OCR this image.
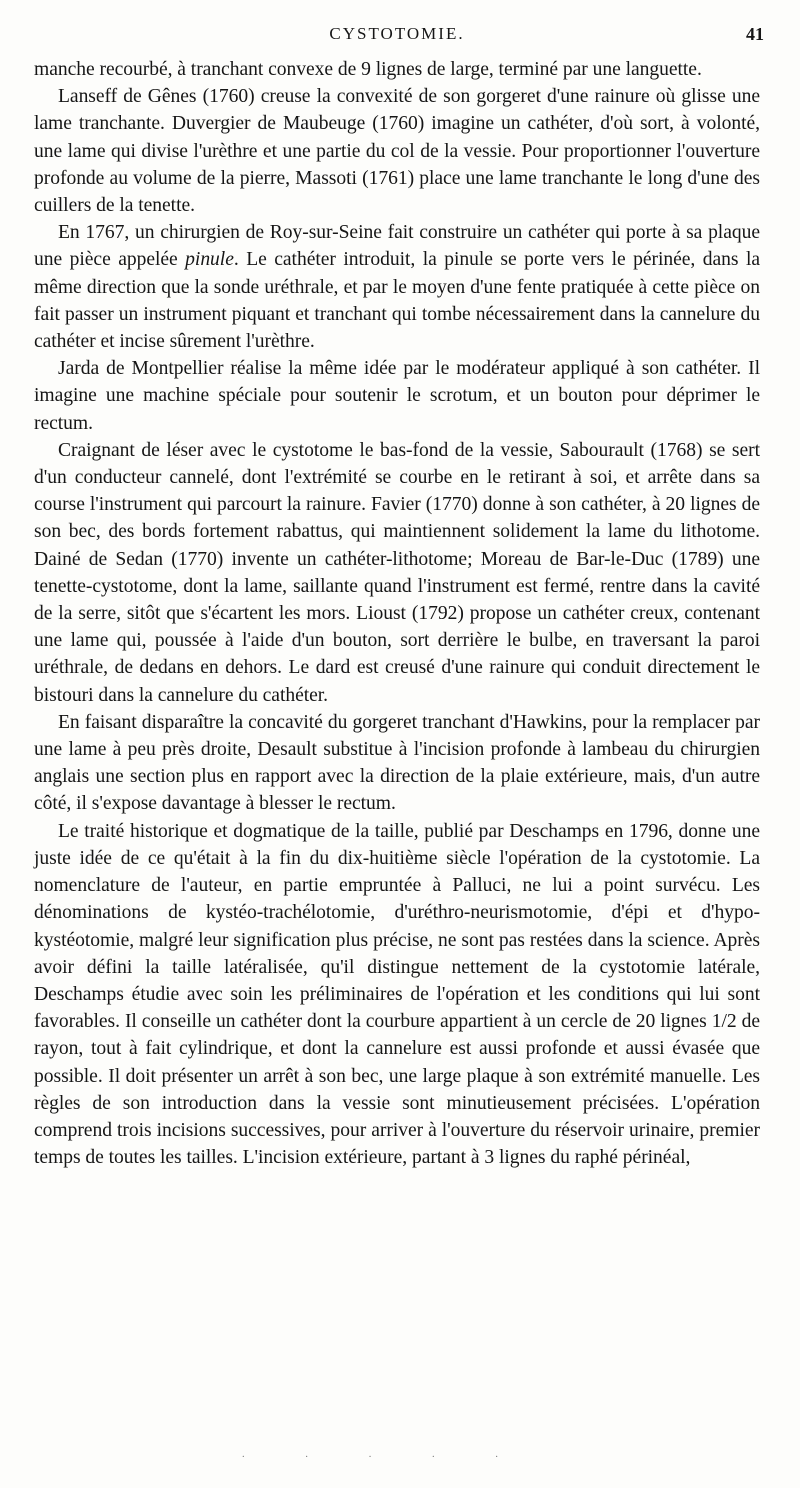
CYSTOTOMIE.	41

manche recourbé, à tranchant convexe de 9 lignes de large, terminé par une languette.

Lanseff de Gênes (1760) creuse la convexité de son gorgeret d'une rainure où glisse une lame tranchante. Duvergier de Maubeuge (1760) imagine un cathéter, d'où sort, à volonté, une lame qui divise l'urèthre et une partie du col de la vessie. Pour proportionner l'ouverture profonde au volume de la pierre, Massoti (1761) place une lame tranchante le long d'une des cuillers de la tenette.

En 1767, un chirurgien de Roy-sur-Seine fait construire un cathéter qui porte à sa plaque une pièce appelée pinule. Le cathéter introduit, la pinule se porte vers le périnée, dans la même direction que la sonde uréthrale, et par le moyen d'une fente pratiquée à cette pièce on fait passer un instrument piquant et tranchant qui tombe nécessairement dans la cannelure du cathéter et incise sûrement l'urèthre.

Jarda de Montpellier réalise la même idée par le modérateur appliqué à son cathéter. Il imagine une machine spéciale pour soutenir le scrotum, et un bouton pour déprimer le rectum.

Craignant de léser avec le cystotome le bas-fond de la vessie, Sabourault (1768) se sert d'un conducteur cannelé, dont l'extrémité se courbe en le retirant à soi, et arrête dans sa course l'instrument qui parcourt la rainure. Favier (1770) donne à son cathéter, à 20 lignes de son bec, des bords fortement rabattus, qui maintiennent solidement la lame du lithotome. Dainé de Sedan (1770) invente un cathéter-lithotome; Moreau de Bar-le-Duc (1789) une tenette-cystotome, dont la lame, saillante quand l'instrument est fermé, rentre dans la cavité de la serre, sitôt que s'écartent les mors. Lioust (1792) propose un cathéter creux, contenant une lame qui, poussée à l'aide d'un bouton, sort derrière le bulbe, en traversant la paroi uréthrale, de dedans en dehors. Le dard est creusé d'une rainure qui conduit directement le bistouri dans la cannelure du cathéter.

En faisant disparaître la concavité du gorgeret tranchant d'Hawkins, pour la remplacer par une lame à peu près droite, Desault substitue à l'incision profonde à lambeau du chirurgien anglais une section plus en rapport avec la direction de la plaie extérieure, mais, d'un autre côté, il s'expose davantage à blesser le rectum.

Le traité historique et dogmatique de la taille, publié par Deschamps en 1796, donne une juste idée de ce qu'était à la fin du dix-huitième siècle l'opération de la cystotomie. La nomenclature de l'auteur, en partie empruntée à Palluci, ne lui a point survécu. Les dénominations de kystéo-trachélotomie, d'uréthro-neurismotomie, d'épi et d'hypo-kystéotomie, malgré leur signification plus précise, ne sont pas restées dans la science. Après avoir défini la taille latéralisée, qu'il distingue nettement de la cystotomie latérale, Deschamps étudie avec soin les préliminaires de l'opération et les conditions qui lui sont favorables. Il conseille un cathéter dont la courbure appartient à un cercle de 20 lignes 1/2 de rayon, tout à fait cylindrique, et dont la cannelure est aussi profonde et aussi évasée que possible. Il doit présenter un arrêt à son bec, une large plaque à son extrémité manuelle. Les règles de son introduction dans la vessie sont minutieusement précisées. L'opération comprend trois incisions successives, pour arriver à l'ouverture du réservoir urinaire, premier temps de toutes les tailles. L'incision extérieure, partant à 3 lignes du raphé périnéal,

·····
